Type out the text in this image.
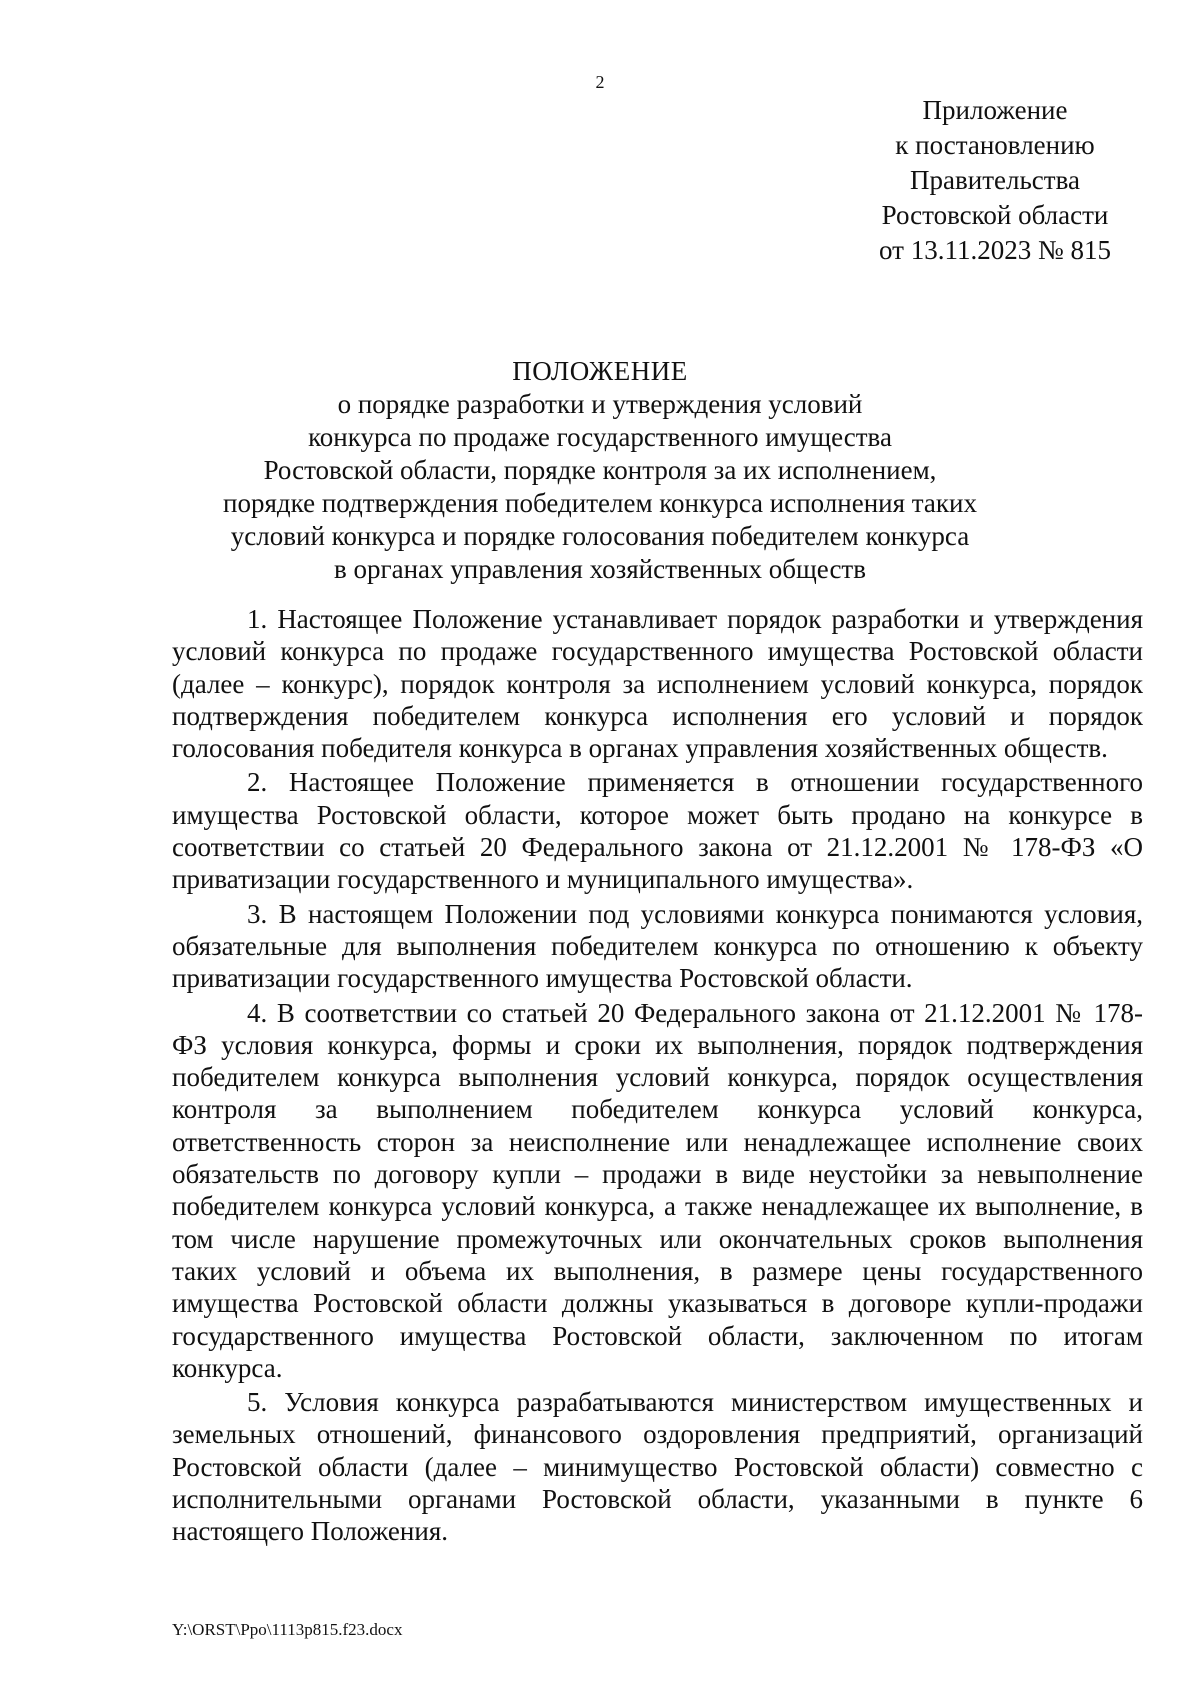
2
Приложение
к постановлению
Правительства
Ростовской области
от 13.11.2023 № 815
ПОЛОЖЕНИЕ
о порядке разработки и утверждения условий
конкурса по продаже государственного имущества
Ростовской области, порядке контроля за их исполнением,
порядке подтверждения победителем конкурса исполнения таких
условий конкурса и порядке голосования победителем конкурса
в органах управления хозяйственных обществ

1. Настоящее Положение устанавливает порядок разработки и утверждения условий конкурса по продаже государственного имущества Ростовской области (далее – конкурс), порядок контроля за исполнением условий конкурса, порядок подтверждения победителем конкурса исполнения его условий и порядок голосования победителя конкурса в органах управления хозяйственных обществ.

2. Настоящее Положение применяется в отношении государственного имущества Ростовской области, которое может быть продано на конкурсе в соответствии со статьей 20 Федерального закона от 21.12.2001 № 178-ФЗ «О приватизации государственного и муниципального имущества».

3. В настоящем Положении под условиями конкурса понимаются условия, обязательные для выполнения победителем конкурса по отношению к объекту приватизации государственного имущества Ростовской области.

4. В соответствии со статьей 20 Федерального закона от 21.12.2001 № 178-ФЗ условия конкурса, формы и сроки их выполнения, порядок подтверждения победителем конкурса выполнения условий конкурса, порядок осуществления контроля за выполнением победителем конкурса условий конкурса, ответственность сторон за неисполнение или ненадлежащее исполнение своих обязательств по договору купли – продажи в виде неустойки за невыполнение победителем конкурса условий конкурса, а также ненадлежащее их выполнение, в том числе нарушение промежуточных или окончательных сроков выполнения таких условий и объема их выполнения, в размере цены государственного имущества Ростовской области должны указываться в договоре купли-продажи государственного имущества Ростовской области, заключенном по итогам конкурса.

5. Условия конкурса разрабатываются министерством имущественных и земельных отношений, финансового оздоровления предприятий, организаций Ростовской области (далее – минимущество Ростовской области) совместно с исполнительными органами Ростовской области, указанными в пункте 6 настоящего Положения.

Y:\ORST\Ppo\1113p815.f23.docx
